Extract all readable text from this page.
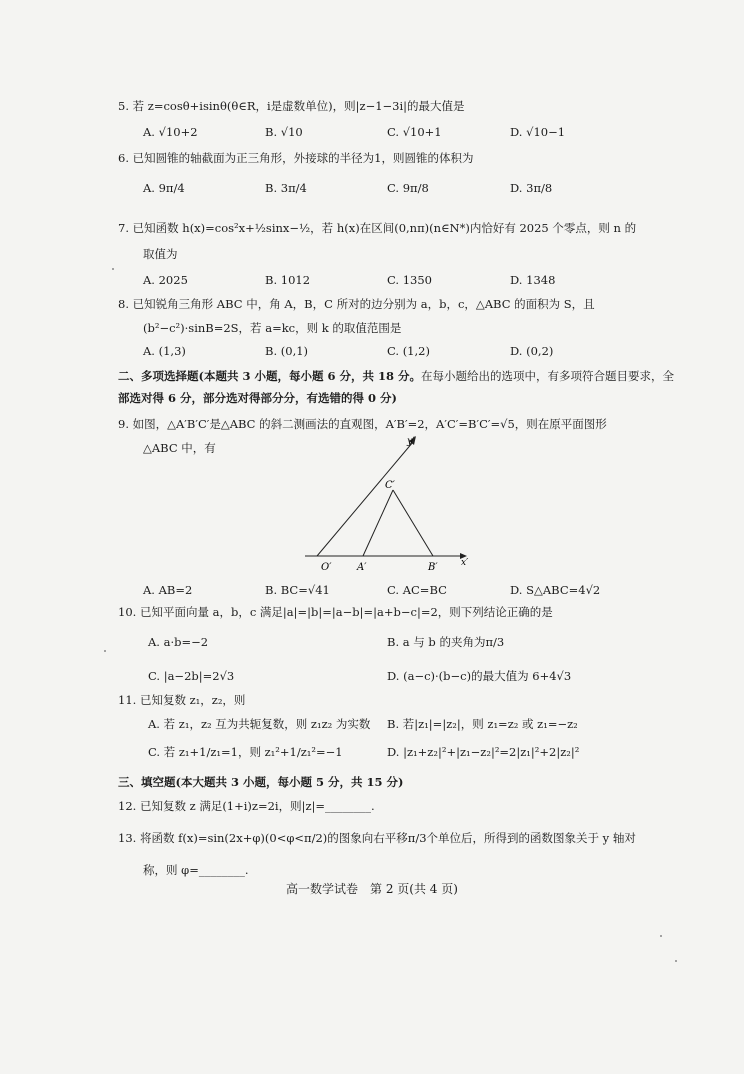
5. 若 z=cosθ+isinθ(θ∈R，i是虚数单位)，则|z−1−3i|的最大值是
A. √10+2	B. √10	C. √10+1	D. √10−1
6. 已知圆锥的轴截面为正三角形，外接球的半径为1，则圆锥的体积为
A. 9π/4	B. 3π/4	C. 9π/8	D. 3π/8
7. 已知函数 h(x)=cos²x+½sinx−½，若 h(x)在区间(0,nπ)(n∈N*)内恰好有 2025 个零点，则 n 的
取值为
A. 2025	B. 1012	C. 1350	D. 1348
8. 已知锐角三角形 ABC 中，角 A，B，C 所对的边分别为 a，b，c，△ABC 的面积为 S，且
(b²−c²)·sinB=2S，若 a=kc，则 k 的取值范围是
A. (1,3)	B. (0,1)	C. (1,2)	D. (0,2)
二、多项选择题(本题共 3 小题，每小题 6 分，共 18 分。在每小题给出的选项中，有多项符合题目要求，全
部选对得 6 分，部分选对得部分分，有选错的得 0 分)
9. 如图，△A′B′C′是△ABC 的斜二测画法的直观图，A′B′=2，A′C′=B′C′=√5，则在原平面图形
△ABC 中，有	y′
x′
C′
O′	A′	B′
A. AB=2	B. BC=√41	C. AC=BC	D. S△ABC=4√2
10. 已知平面向量 a，b，c 满足|a|=|b|=|a−b|=|a+b−c|=2，则下列结论正确的是
A. a·b=−2	B. a 与 b 的夹角为π/3
C. |a−2b|=2√3	D. (a−c)·(b−c)的最大值为 6+4√3
11. 已知复数 z₁，z₂，则
A. 若 z₁，z₂ 互为共轭复数，则 z₁z₂ 为实数 B. 若|z₁|=|z₂|，则 z₁=z₂ 或 z₁=−z₂
C. 若 z₁+1/z₁=1，则 z₁²+1/z₁²=−1	D. |z₁+z₂|²+|z₁−z₂|²=2|z₁|²+2|z₂|²
三、填空题(本大题共 3 小题，每小题 5 分，共 15 分)
12. 已知复数 z 满足(1+i)z=2i，则|z|=________.
13. 将函数 f(x)=sin(2x+φ)(0<φ<π/2)的图象向右平移π/3个单位后，所得到的函数图象关于 y 轴对
称，则 φ=________.
高一数学试卷　第 2 页(共 4 页)
